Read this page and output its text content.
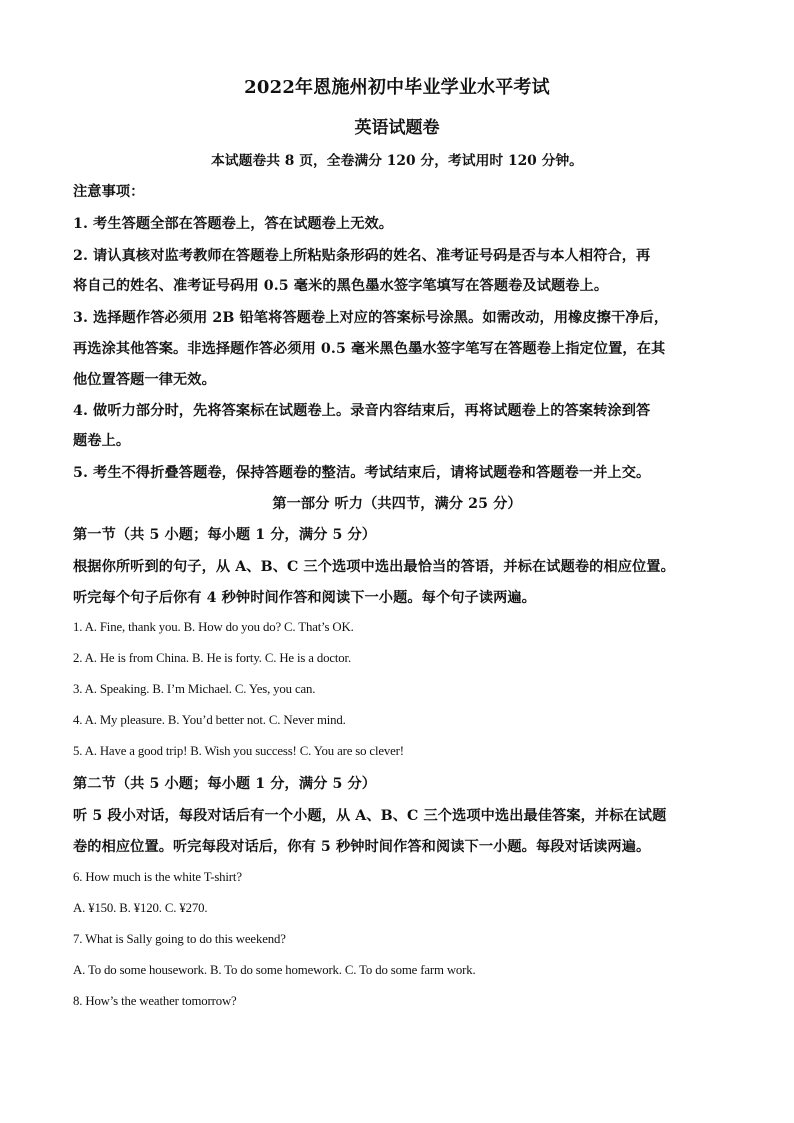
2022年恩施州初中毕业学业水平考试
英语试题卷
本试题卷共 8 页，全卷满分 120 分，考试用时 120 分钟。
注意事项：
1. 考生答题全部在答题卷上，答在试题卷上无效。
2. 请认真核对监考教师在答题卷上所粘贴条形码的姓名、准考证号码是否与本人相符合，再
将自己的姓名、准考证号码用 0.5 毫米的黑色墨水签字笔填写在答题卷及试题卷上。
3. 选择题作答必须用 2B 铅笔将答题卷上对应的答案标号涂黑。如需改动，用橡皮擦干净后，
再选涂其他答案。非选择题作答必须用 0.5 毫米黑色墨水签字笔写在答题卷上指定位置，在其
他位置答题一律无效。
4. 做听力部分时，先将答案标在试题卷上。录音内容结束后，再将试题卷上的答案转涂到答
题卷上。
5. 考生不得折叠答题卷，保持答题卷的整洁。考试结束后，请将试题卷和答题卷一并上交。
第一部分 听力（共四节，满分 25 分）
第一节（共 5 小题；每小题 1 分，满分 5 分）
根据你所听到的句子，从 A、B、C 三个选项中选出最恰当的答语，并标在试题卷的相应位置。
听完每个句子后你有 4 秒钟时间作答和阅读下一小题。每个句子读两遍。
1. A. Fine, thank you. B. How do you do? C. That’s OK.
2. A. He is from China. B. He is forty. C. He is a doctor.
3. A. Speaking. B. I’m Michael. C. Yes, you can.
4. A. My pleasure. B. You’d better not. C. Never mind.
5. A. Have a good trip! B. Wish you success! C. You are so clever!
第二节（共 5 小题；每小题 1 分，满分 5 分）
听 5 段小对话，每段对话后有一个小题，从 A、B、C 三个选项中选出最佳答案，并标在试题
卷的相应位置。听完每段对话后，你有 5 秒钟时间作答和阅读下一小题。每段对话读两遍。
6. How much is the white T-shirt?
A. ¥150. B. ¥120. C. ¥270.
7. What is Sally going to do this weekend?
A. To do some housework. B. To do some homework. C. To do some farm work.
8. How’s the weather tomorrow?
